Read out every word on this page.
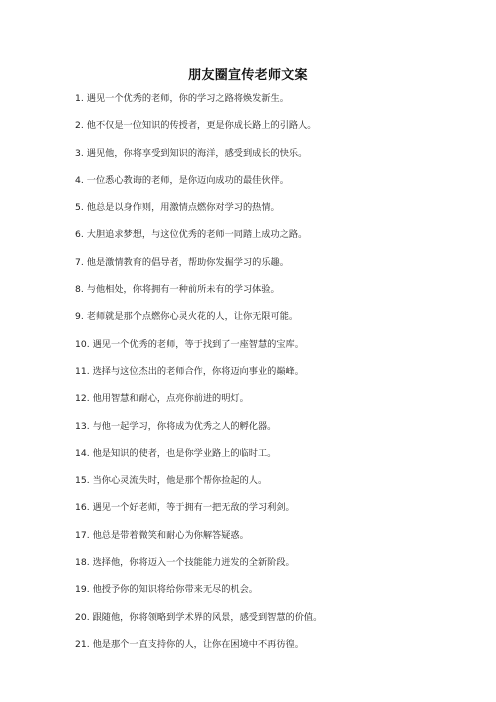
朋友圈宣传老师文案
1. 遇见一个优秀的老师，你的学习之路将焕发新生。
2. 他不仅是一位知识的传授者，更是你成长路上的引路人。
3. 遇见他，你将享受到知识的海洋，感受到成长的快乐。
4. 一位悉心教诲的老师，是你迈向成功的最佳伙伴。
5. 他总是以身作则，用激情点燃你对学习的热情。
6. 大胆追求梦想，与这位优秀的老师一同踏上成功之路。
7. 他是激情教育的倡导者，帮助你发掘学习的乐趣。
8. 与他相处，你将拥有一种前所未有的学习体验。
9. 老师就是那个点燃你心灵火花的人，让你无限可能。
10. 遇见一个优秀的老师，等于找到了一座智慧的宝库。
11. 选择与这位杰出的老师合作，你将迈向事业的巅峰。
12. 他用智慧和耐心，点亮你前进的明灯。
13. 与他一起学习，你将成为优秀之人的孵化器。
14. 他是知识的使者，也是你学业路上的临时工。
15. 当你心灵流失时，他是那个帮你捡起的人。
16. 遇见一个好老师，等于拥有一把无敌的学习利剑。
17. 他总是带着微笑和耐心为你解答疑惑。
18. 选择他，你将迈入一个技能能力迸发的全新阶段。
19. 他授予你的知识将给你带来无尽的机会。
20. 跟随他，你将领略到学术界的风景，感受到智慧的价值。
21. 他是那个一直支持你的人，让你在困境中不再彷徨。
